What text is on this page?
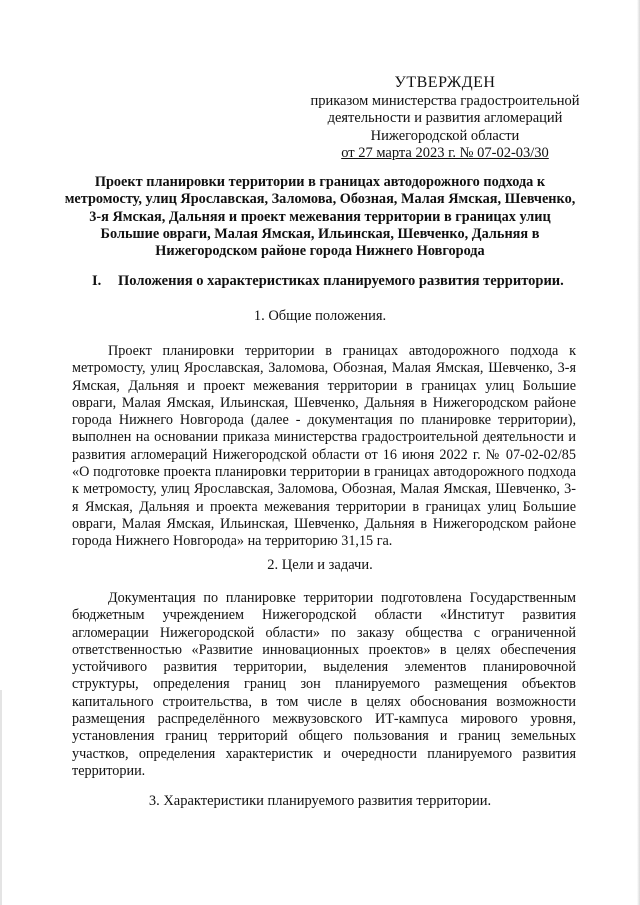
УТВЕРЖДЕН
приказом министерства градостроительной
деятельности и развития агломераций
Нижегородской области
от 27 марта 2023 г. № 07-02-03/30
Проект планировки территории в границах автодорожного подхода к метромосту, улиц Ярославская, Заломова, Обозная, Малая Ямская, Шевченко, 3-я Ямская, Дальняя и проект межевания территории в границах улиц Большие овраги, Малая Ямская, Ильинская, Шевченко, Дальняя в Нижегородском районе города Нижнего Новгорода
I. Положения о характеристиках планируемого развития территории.
1. Общие положения.
Проект планировки территории в границах автодорожного подхода к метромосту, улиц Ярославская, Заломова, Обозная, Малая Ямская, Шевченко, 3-я Ямская, Дальняя и проект межевания территории в границах улиц Большие овраги, Малая Ямская, Ильинская, Шевченко, Дальняя в Нижегородском районе города Нижнего Новгорода (далее - документация по планировке территории), выполнен на основании приказа министерства градостроительной деятельности и развития агломераций Нижегородской области от 16 июня 2022 г. № 07-02-02/85 «О подготовке проекта планировки территории в границах автодорожного подхода к метромосту, улиц Ярославская, Заломова, Обозная, Малая Ямская, Шевченко, 3-я Ямская, Дальняя и проекта межевания территории в границах улиц Большие овраги, Малая Ямская, Ильинская, Шевченко, Дальняя в Нижегородском районе города Нижнего Новгорода» на территорию 31,15 га.
2. Цели и задачи.
Документация по планировке территории подготовлена Государственным бюджетным учреждением Нижегородской области «Институт развития агломерации Нижегородской области» по заказу общества с ограниченной ответственностью «Развитие инновационных проектов» в целях обеспечения устойчивого развития территории, выделения элементов планировочной структуры, определения границ зон планируемого размещения объектов капитального строительства, в том числе в целях обоснования возможности размещения распределённого межвузовского ИТ-кампуса мирового уровня, установления границ территорий общего пользования и границ земельных участков, определения характеристик и очередности планируемого развития территории.
3. Характеристики планируемого развития территории.
